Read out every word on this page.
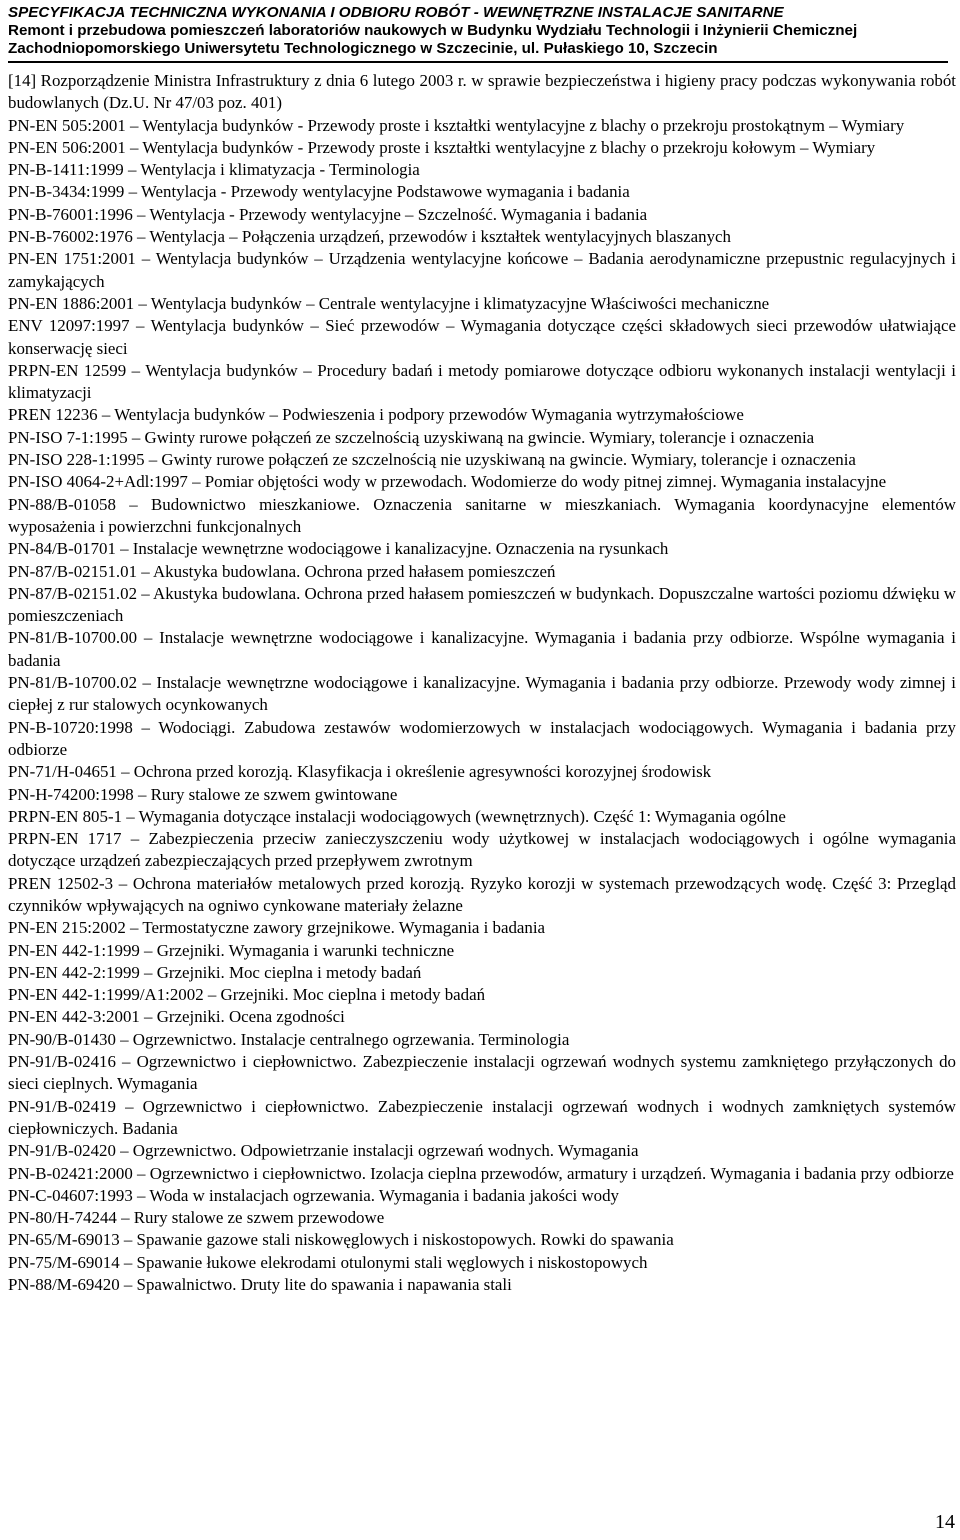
SPECYFIKACJA TECHNICZNA WYKONANIA I ODBIORU ROBÓT - WEWNĘTRZNE INSTALACJE SANITARNE
Remont i przebudowa pomieszczeń laboratoriów naukowych w Budynku Wydziału Technologii i Inżynierii Chemicznej
Zachodniopomorskiego Uniwersytetu Technologicznego w Szczecinie, ul. Pułaskiego 10, Szczecin

[14] Rozporządzenie Ministra Infrastruktury z dnia 6 lutego 2003 r. w sprawie bezpieczeństwa i higieny pracy podczas wykonywania robót budowlanych (Dz.U. Nr 47/03 poz. 401)

PN-EN 505:2001 – Wentylacja budynków - Przewody proste i kształtki wentylacyjne z blachy o przekroju prostokątnym – Wymiary

PN-EN 506:2001 – Wentylacja budynków - Przewody proste i kształtki wentylacyjne z blachy o przekroju kołowym – Wymiary

PN-B-1411:1999 – Wentylacja i klimatyzacja - Terminologia

PN-B-3434:1999 – Wentylacja - Przewody wentylacyjne Podstawowe wymagania i badania

PN-B-76001:1996 – Wentylacja - Przewody wentylacyjne – Szczelność. Wymagania i badania

PN-B-76002:1976 – Wentylacja – Połączenia urządzeń, przewodów i kształtek wentylacyjnych blaszanych

PN-EN 1751:2001 – Wentylacja budynków – Urządzenia wentylacyjne końcowe – Badania aerodynamiczne przepustnic regulacyjnych i zamykających

PN-EN 1886:2001 – Wentylacja budynków – Centrale wentylacyjne i klimatyzacyjne Właściwości mechaniczne

ENV 12097:1997 – Wentylacja budynków – Sieć przewodów – Wymagania dotyczące części składowych sieci przewodów ułatwiające konserwację sieci

PRPN-EN 12599 – Wentylacja budynków – Procedury badań i metody pomiarowe dotyczące odbioru wykonanych instalacji wentylacji i klimatyzacji

PREN 12236 – Wentylacja budynków – Podwieszenia i podpory przewodów Wymagania wytrzymałościowe

PN-ISO 7-1:1995 – Gwinty rurowe połączeń ze szczelnością uzyskiwaną na gwincie. Wymiary, tolerancje i oznaczenia

PN-ISO 228-1:1995 – Gwinty rurowe połączeń ze szczelnością nie uzyskiwaną na gwincie. Wymiary, tolerancje i oznaczenia

PN-ISO 4064-2+Adl:1997 – Pomiar objętości wody w przewodach. Wodomierze do wody pitnej zimnej. Wymagania instalacyjne

PN-88/B-01058 – Budownictwo mieszkaniowe. Oznaczenia sanitarne w mieszkaniach. Wymagania koordynacyjne elementów wyposażenia i powierzchni funkcjonalnych

PN-84/B-01701 – Instalacje wewnętrzne wodociągowe i kanalizacyjne. Oznaczenia na rysunkach

PN-87/B-02151.01 – Akustyka budowlana. Ochrona przed hałasem pomieszczeń

PN-87/B-02151.02 – Akustyka budowlana. Ochrona przed hałasem pomieszczeń w budynkach. Dopuszczalne wartości poziomu dźwięku w pomieszczeniach

PN-81/B-10700.00 – Instalacje wewnętrzne wodociągowe i kanalizacyjne. Wymagania i badania przy odbiorze. Wspólne wymagania i badania

PN-81/B-10700.02 – Instalacje wewnętrzne wodociągowe i kanalizacyjne. Wymagania i badania przy odbiorze. Przewody wody zimnej i ciepłej z rur stalowych ocynkowanych

PN-B-10720:1998 – Wodociągi. Zabudowa zestawów wodomierzowych w instalacjach wodociągowych. Wymagania i badania przy odbiorze

PN-71/H-04651 – Ochrona przed korozją. Klasyfikacja i określenie agresywności korozyjnej środowisk

PN-H-74200:1998 – Rury stalowe ze szwem gwintowane

PRPN-EN 805-1 – Wymagania dotyczące instalacji wodociągowych (wewnętrznych). Część 1: Wymagania ogólne

PRPN-EN 1717 – Zabezpieczenia przeciw zanieczyszczeniu wody użytkowej w instalacjach wodociągowych i ogólne wymagania dotyczące urządzeń zabezpieczających przed przepływem zwrotnym

PREN 12502-3 – Ochrona materiałów metalowych przed korozją. Ryzyko korozji w systemach przewodzących wodę. Część 3: Przegląd czynników wpływających na ogniwo cynkowane materiały żelazne

PN-EN 215:2002 – Termostatyczne zawory grzejnikowe. Wymagania i badania

PN-EN 442-1:1999 – Grzejniki. Wymagania i warunki techniczne

PN-EN 442-2:1999 – Grzejniki. Moc cieplna i metody badań

PN-EN 442-1:1999/A1:2002 – Grzejniki. Moc cieplna i metody badań

PN-EN 442-3:2001 – Grzejniki. Ocena zgodności

PN-90/B-01430 – Ogrzewnictwo. Instalacje centralnego ogrzewania. Terminologia

PN-91/B-02416 – Ogrzewnictwo i ciepłownictwo. Zabezpieczenie instalacji ogrzewań wodnych systemu zamkniętego przyłączonych do sieci cieplnych. Wymagania

PN-91/B-02419 – Ogrzewnictwo i ciepłownictwo. Zabezpieczenie instalacji ogrzewań wodnych i wodnych zamkniętych systemów ciepłowniczych. Badania

PN-91/B-02420 – Ogrzewnictwo. Odpowietrzanie instalacji ogrzewań wodnych. Wymagania

PN-B-02421:2000 – Ogrzewnictwo i ciepłownictwo. Izolacja cieplna przewodów, armatury i urządzeń. Wymagania i badania przy odbiorze

PN-C-04607:1993 – Woda w instalacjach ogrzewania. Wymagania i badania jakości wody

PN-80/H-74244 – Rury stalowe ze szwem przewodowe

PN-65/M-69013 – Spawanie gazowe stali niskowęglowych i niskostopowych. Rowki do spawania

PN-75/M-69014 – Spawanie łukowe elekrodami otulonymi stali węglowych i niskostopowych

PN-88/M-69420 – Spawalnictwo. Druty lite do spawania i napawania stali

14
